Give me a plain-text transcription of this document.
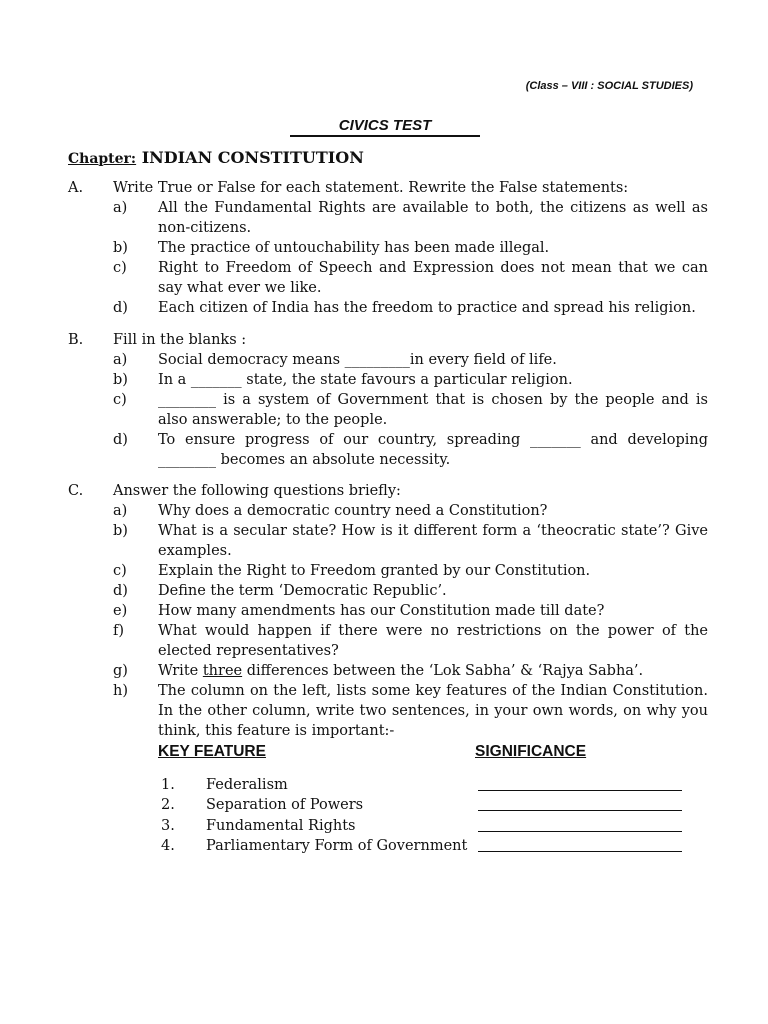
(Class – VIII : SOCIAL STUDIES)
CIVICS TEST
Chapter: INDIAN CONSTITUTION
A.	Write True or False for each statement. Rewrite the False statements:
a)	All the Fundamental Rights are available to both, the citizens as well as non-citizens.
b)	The practice of untouchability has been made illegal.
c)	Right to Freedom of Speech and Expression does not mean that we can say what ever we like.
d)	Each citizen of India has the freedom to practice and spread his religion.
B.	Fill in the blanks :
a)	Social democracy means _________in every field of life.
b)	In a _______ state, the state favours a particular religion.
c)	________ is a system of Government that is chosen by the people and is also answerable; to the people.
d)	To ensure progress of our country, spreading _______ and developing ________ becomes an absolute necessity.
C.	Answer the following questions briefly:
a)	Why does a democratic country need a Constitution?
b)	What is a secular state? How is it different form a ‘theocratic state’? Give examples.
c)	Explain the Right to Freedom granted by our Constitution.
d)	Define the term ‘Democratic Republic’.
e)	How many amendments has our Constitution made till date?
f)	What would happen if there were no restrictions on the power of the elected representatives?
g)	Write three differences between the ‘Lok Sabha’ & ‘Rajya Sabha’.
h)	The column on the left, lists some key features of the Indian Constitution. In the other column, write two sentences, in your own words, on why you think, this feature is important:-
KEY FEATURE	SIGNIFICANCE
1.	Federalism
2.	Separation of Powers
3.	Fundamental Rights
4.	Parliamentary Form of Government
